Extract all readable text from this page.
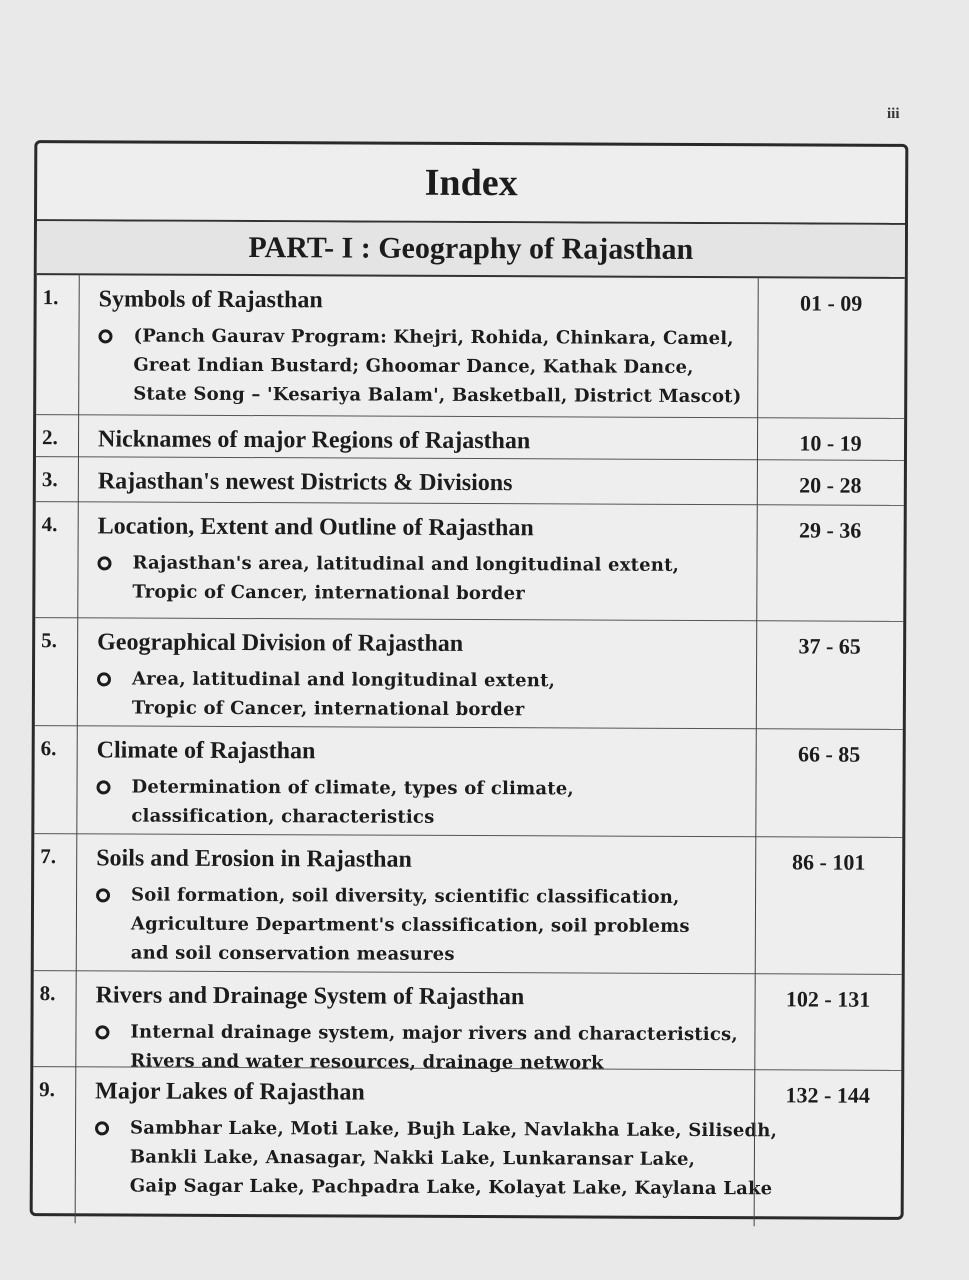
iii
Index
PART- I : Geography of Rajasthan
1.	Symbols of Rajasthan
(Panch Gaurav Program: Khejri, Rohida, Chinkara, Camel,
Great Indian Bustard; Ghoomar Dance, Kathak Dance,
State Song – 'Kesariya Balam', Basketball, District Mascot)
01 - 09
2.	Nicknames of major Regions of Rajasthan	10 - 19
3.	Rajasthan's newest Districts & Divisions	20 - 28
4.	Location, Extent and Outline of Rajasthan
Rajasthan's area, latitudinal and longitudinal extent,
Tropic of Cancer, international border
29 - 36
5.	Geographical Division of Rajasthan
Area, latitudinal and longitudinal extent,
Tropic of Cancer, international border
37 - 65
6.	Climate of Rajasthan
Determination of climate, types of climate,
classification, characteristics
66 - 85
7.	Soils and Erosion in Rajasthan
Soil formation, soil diversity, scientific classification,
Agriculture Department's classification, soil problems
and soil conservation measures
86 - 101
8.	Rivers and Drainage System of Rajasthan
Internal drainage system, major rivers and characteristics,
Rivers and water resources, drainage network
102 - 131
9.	Major Lakes of Rajasthan
Sambhar Lake, Moti Lake, Bujh Lake, Navlakha Lake, Silisedh,
Bankli Lake, Anasagar, Nakki Lake, Lunkaransar Lake,
Gaip Sagar Lake, Pachpadra Lake, Kolayat Lake, Kaylana Lake
132 - 144
